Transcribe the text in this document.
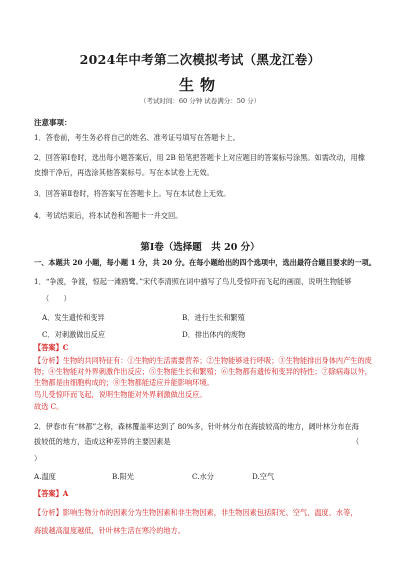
2024年中考第二次模拟考试（黑龙江卷）
生物
（考试时间：60 分钟 试卷满分：50 分）
注意事项：
1．答卷前，考生务必将自己的姓名、准考证号填写在答题卡上。
2．回答第Ⅰ卷时，选出每小题答案后，用 2B 铅笔把答题卡上对应题目的答案标号涂黑。如需改动，用橡
皮擦干净后，再选涂其他答案标号。写在本试卷上无效。
3．回答第Ⅱ卷时，将答案写在答题卡上。写在本试卷上无效。
4．考试结束后，将本试卷和答题卡一并交回。
第Ⅰ卷（选择题　共 20 分）
一、本题共 20 小题，每小题 1 分，共 20 分。在每小题给出的四个选项中，选出最符合题目要求的一项。
1．“争渡，争渡，惊起一滩鸥鹭。”宋代李清照在词中描写了鸟儿受惊吓而飞起的画面，说明生物能够
（　　）
A．发生遗传和变异	B．进行生长和繁殖
C．对刺激做出反应	D．排出体内的废物
【答案】C
【分析】生物的共同特征有：①生物的生活需要营养；②生物能够进行呼吸；③生物能排出身体内产生的废
物；④生物能对外界刺激作出反应；⑤生物能生长和繁殖；⑥生物都有遗传和变异的特性；⑦除病毒以外，
生物都是由细胞构成的；⑧生物都能适应并能影响环境。
鸟儿受惊吓而飞起，说明生物能对外界刺激做出反应。
故选 C。
2．伊春市有“林都”之称，森林覆盖率达到了 80%多，针叶林分布在海拔较高的地方，阔叶林分布在海
拔较低的地方，造成这种差异的主要因素是	（
）
A.温度	B.阳光	C.水分	D.空气
【答案】A
【分析】影响生物分布的因素分为生物因素和非生物因素，非生物因素包括阳光、空气、温度、水等，
海拔越高温度越低，针叶林生活在寒冷的地方。
